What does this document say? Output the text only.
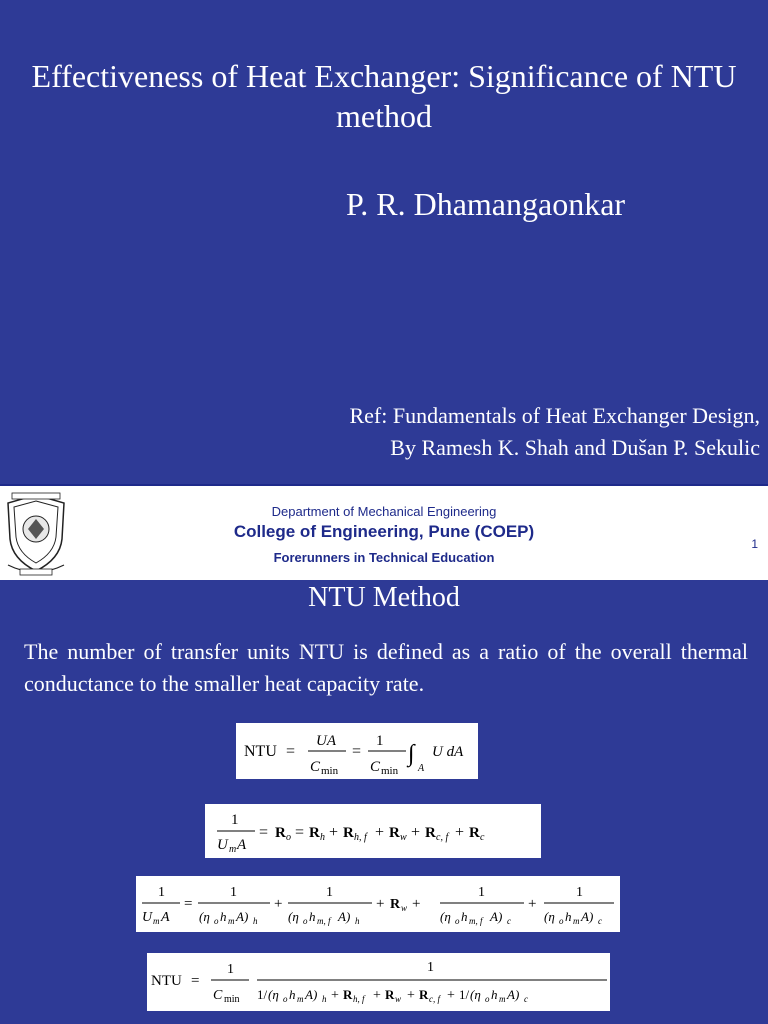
Effectiveness of Heat Exchanger: Significance of NTU method
P. R. Dhamangaonkar
Ref: Fundamentals of Heat Exchanger Design,
By Ramesh K. Shah and Dušan P. Sekulic
Department of Mechanical Engineering
College of Engineering, Pune (COEP)
Forerunners in Technical Education
1
NTU Method
The number of transfer units NTU is defined as a ratio of the overall thermal conductance to the smaller heat capacity rate.
NTU =
UA
C min
=
1
C min
∫
A
U dA
1
U m A
= R o = R h + R h, f + R w + R c, f + R c
1
U m A
=
1
(η o h m A) h
+
1
(η o h m, f A) h
+ R w +
1
(η o h m, f A) c
+
1
(η o h m A) c
NTU =
1
C min
1
1/ (η o h m A) h + R h, f + R w + R c, f + 1/ (η o h m A) c
